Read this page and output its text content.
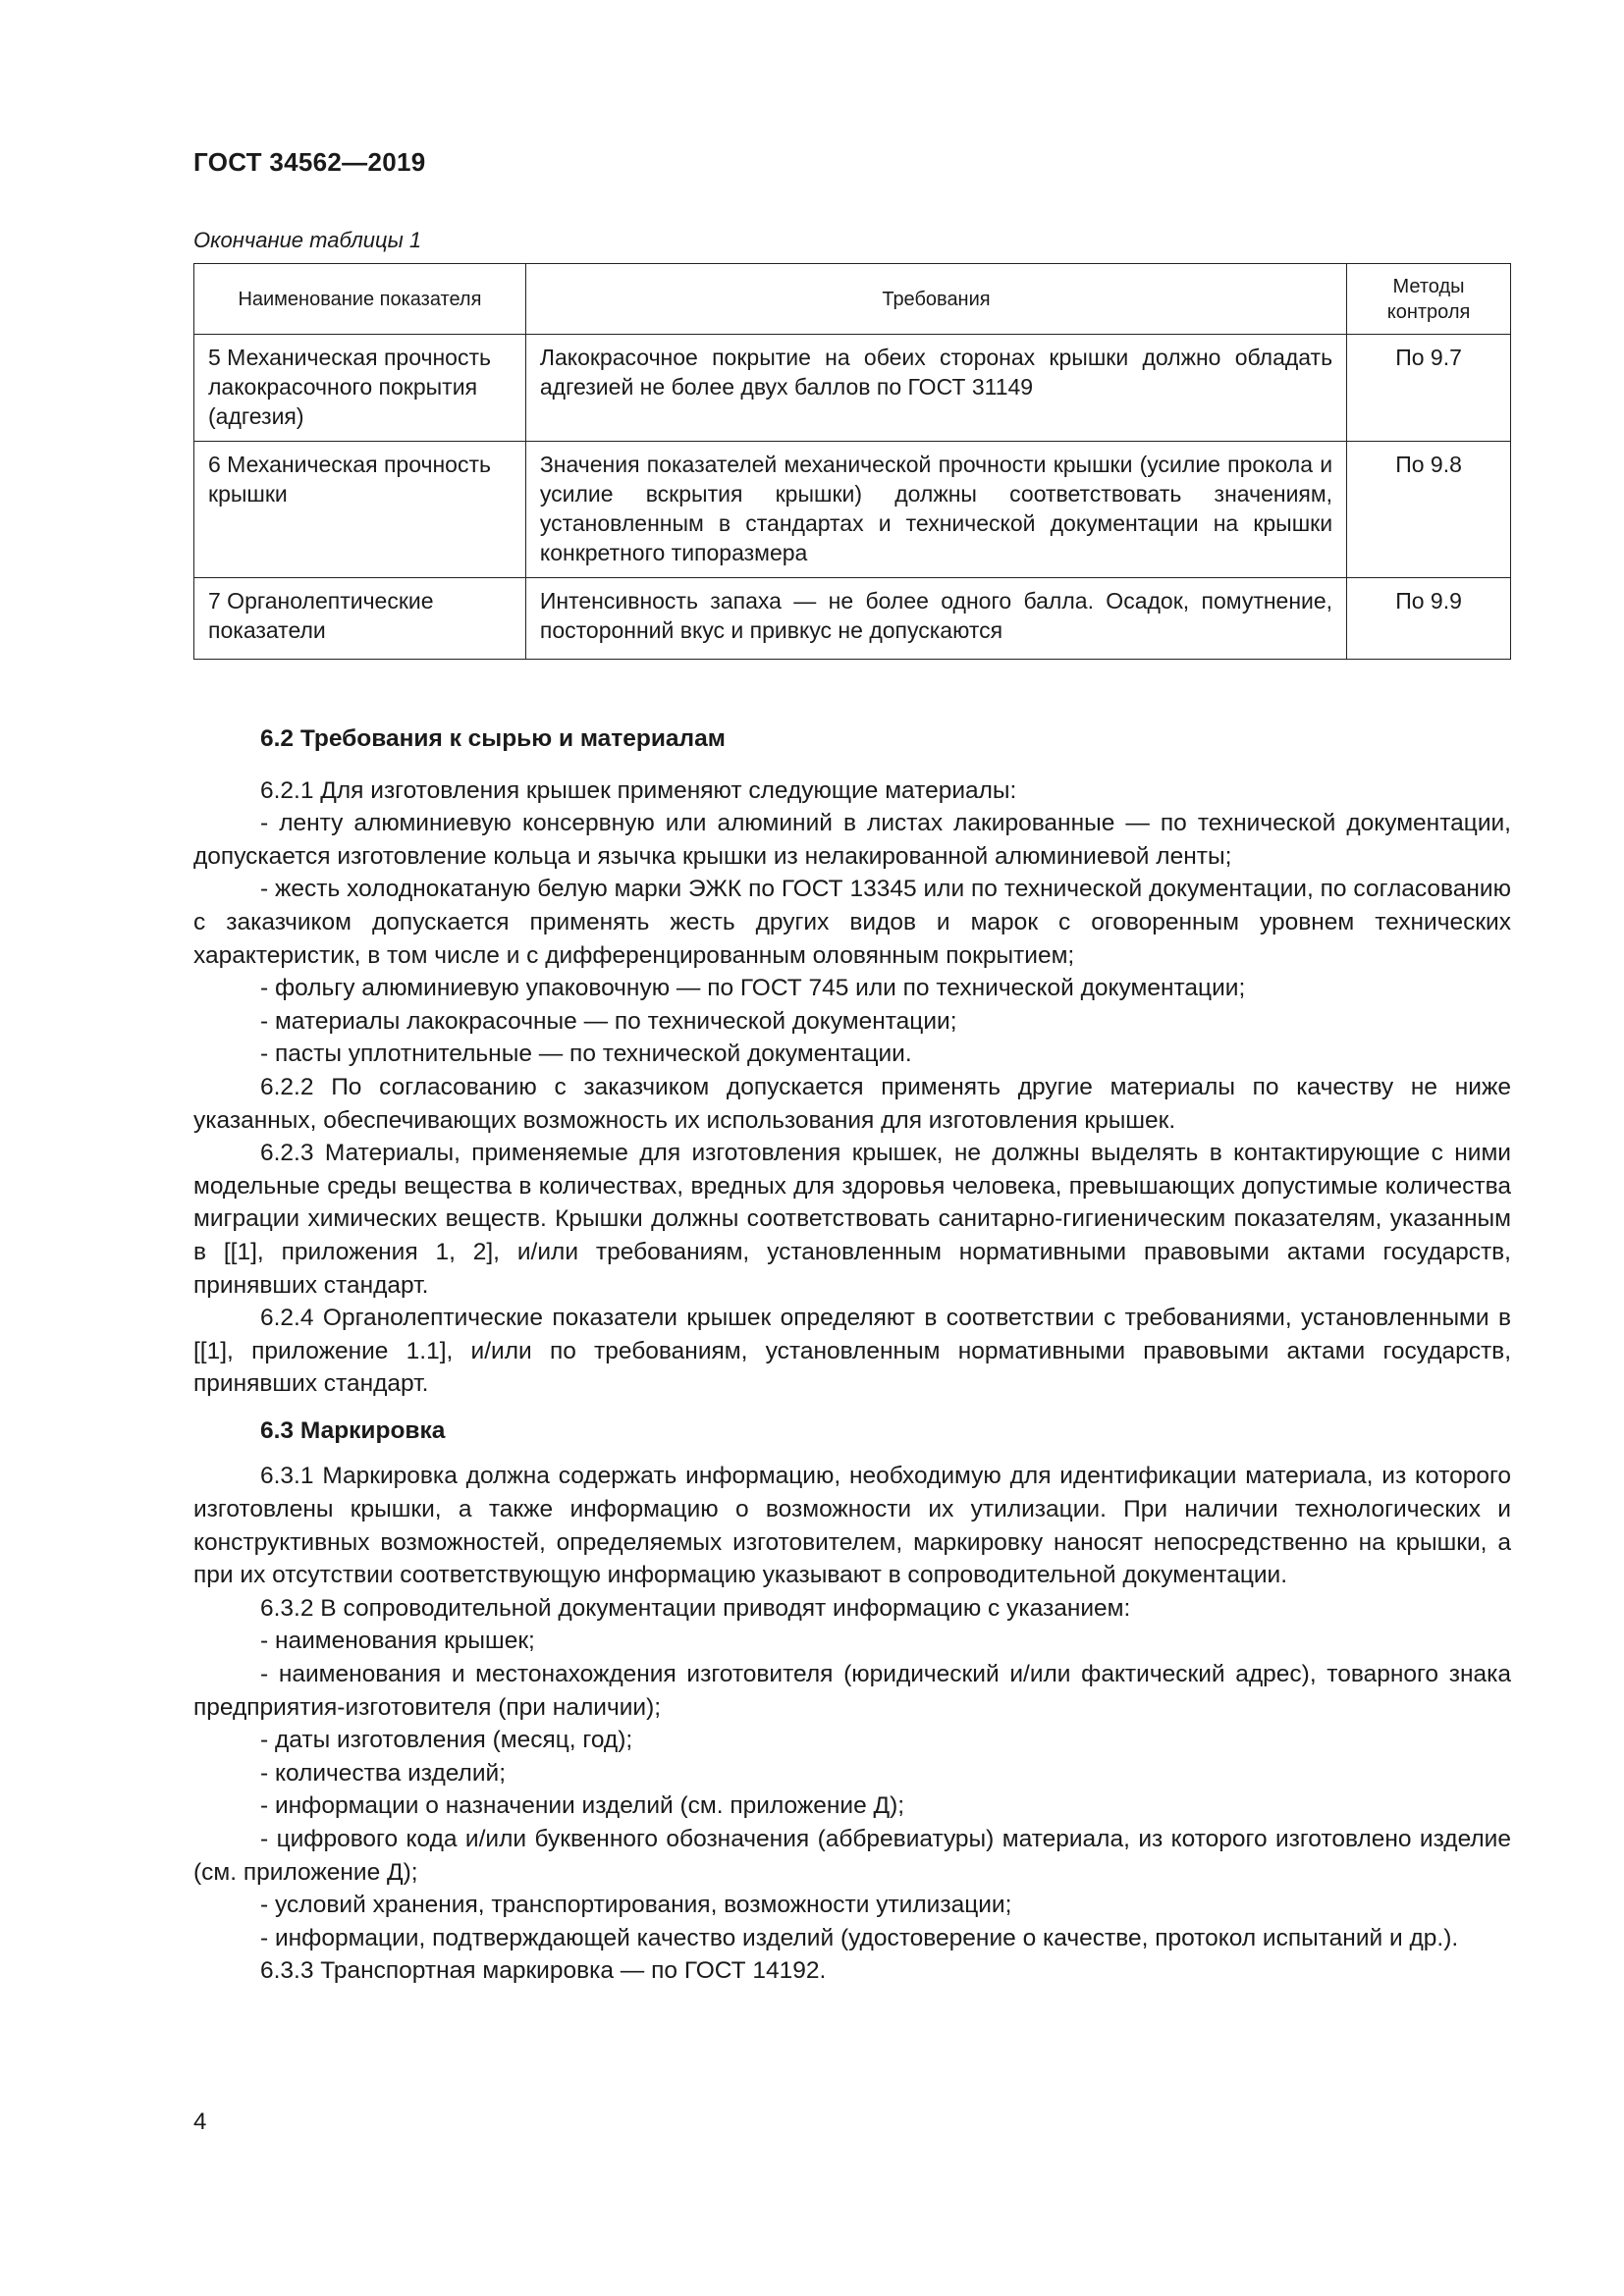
ГОСТ 34562—2019
Окончание таблицы 1
Наименование показателя	Требования	Методы контроля
5 Механическая прочность лакокрасочного покрытия (адгезия)	Лакокрасочное покрытие на обеих сторонах крышки должно обладать адгезией не более двух баллов по ГОСТ 31149	По 9.7
6 Механическая прочность крышки	Значения показателей механической прочности крышки (усилие прокола и усилие вскрытия крышки) должны соответствовать значениям, установленным в стандартах и технической документации на крышки конкретного типоразмера	По 9.8
7 Органолептические показатели	Интенсивность запаха — не более одного балла. Осадок, помутнение, посторонний вкус и привкус не допускаются	По 9.9
6.2 Требования к сырью и материалам

6.2.1 Для изготовления крышек применяют следующие материалы:

- ленту алюминиевую консервную или алюминий в листах лакированные — по технической документации, допускается изготовление кольца и язычка крышки из нелакированной алюминиевой ленты;

- жесть холоднокатаную белую марки ЭЖК по ГОСТ 13345 или по технической документации, по согласованию с заказчиком допускается применять жесть других видов и марок с оговоренным уровнем технических характеристик, в том числе и с дифференцированным оловянным покрытием;

- фольгу алюминиевую упаковочную — по ГОСТ 745 или по технической документации;

- материалы лакокрасочные — по технической документации;

- пасты уплотнительные — по технической документации.

6.2.2 По согласованию с заказчиком допускается применять другие материалы по качеству не ниже указанных, обеспечивающих возможность их использования для изготовления крышек.

6.2.3 Материалы, применяемые для изготовления крышек, не должны выделять в контактирующие с ними модельные среды вещества в количествах, вредных для здоровья человека, превышающих допустимые количества миграции химических веществ. Крышки должны соответствовать санитарно-гигиеническим показателям, указанным в [[1], приложения 1, 2], и/или требованиям, установленным нормативными правовыми актами государств, принявших стандарт.

6.2.4 Органолептические показатели крышек определяют в соответствии с требованиями, установленными в [[1], приложение 1.1], и/или по требованиям, установленным нормативными правовыми актами государств, принявших стандарт.

6.3 Маркировка

6.3.1 Маркировка должна содержать информацию, необходимую для идентификации материала, из которого изготовлены крышки, а также информацию о возможности их утилизации. При наличии технологических и конструктивных возможностей, определяемых изготовителем, маркировку наносят непосредственно на крышки, а при их отсутствии соответствующую информацию указывают в сопроводительной документации.

6.3.2 В сопроводительной документации приводят информацию с указанием:

- наименования крышек;

- наименования и местонахождения изготовителя (юридический и/или фактический адрес), товарного знака предприятия-изготовителя (при наличии);

- даты изготовления (месяц, год);

- количества изделий;

- информации о назначении изделий (см. приложение Д);

- цифрового кода и/или буквенного обозначения (аббревиатуры) материала, из которого изготовлено изделие (см. приложение Д);

- условий хранения, транспортирования, возможности утилизации;

- информации, подтверждающей качество изделий (удостоверение о качестве, протокол испытаний и др.).

6.3.3 Транспортная маркировка — по ГОСТ 14192.

4
